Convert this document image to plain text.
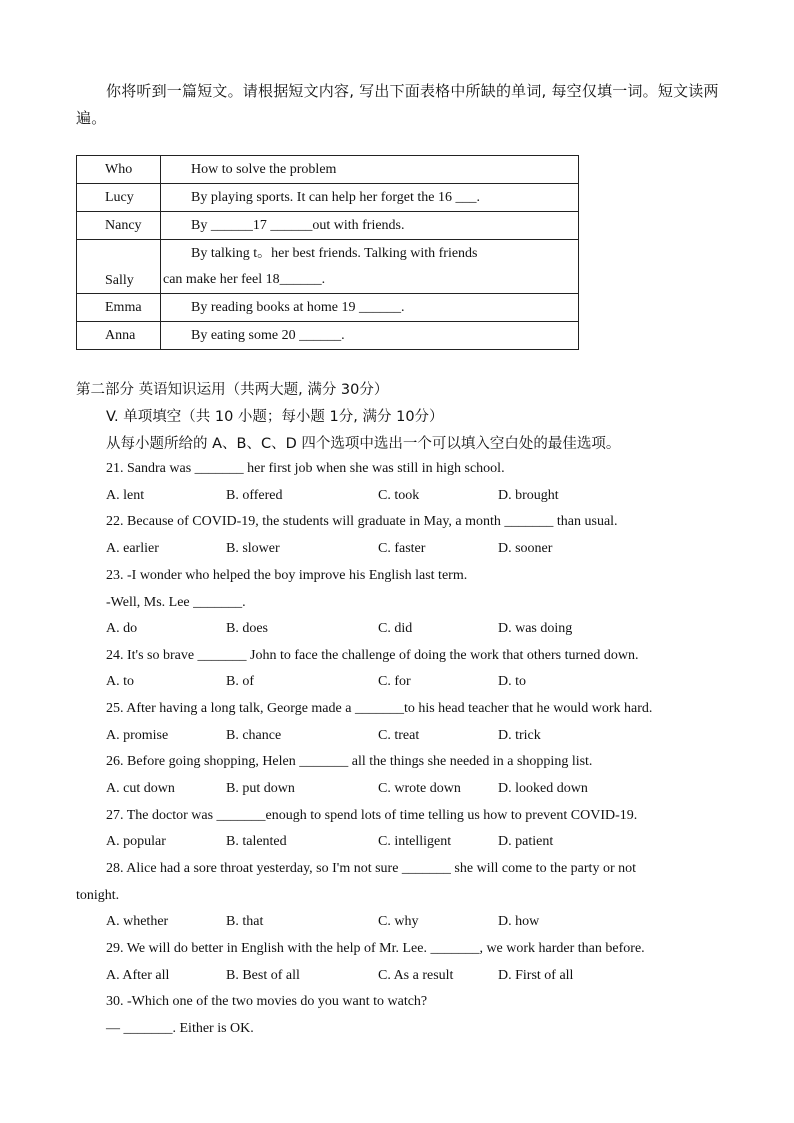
你将听到一篇短文。请根据短文内容, 写出下面表格中所缺的单词, 每空仅填一词。短文读两遍。
Who	How to solve the problem
Lucy	By playing sports. It can help her forget the 16 ___.
Nancy	By ______17 ______out with friends.

Sally	By talking t。her best friends. Talking with friends
can make her feel 18______.

Emma	By reading books at home 19 ______.
Anna	By eating some 20 ______.
第二部分 英语知识运用（共两大题, 满分 30分）
V. 单项填空（共 10 小题；每小题 1分, 满分 10分）
从每小题所给的 A、B、C、D 四个选项中选出一个可以填入空白处的最佳选项。
21. Sandra was _______ her first job when she was still in high school.
A. lent	B. offered	C. took	D. brought
22. Because of COVID-19, the students will graduate in May, a month _______ than usual.
A. earlier	B. slower	C. faster	D. sooner
23. -I wonder who helped the boy improve his English last term.
-Well, Ms. Lee _______.
A. do	B. does	C. did	D. was doing
24. It's so brave _______ John to face the challenge of doing the work that others turned down.
A. to	B. of	C. for	D. to
25. After having a long talk, George made a _______to his head teacher that he would work hard.
A. promise	B. chance	C. treat	D. trick
26. Before going shopping, Helen _______ all the things she needed in a shopping list.
A. cut down	B. put down	C. wrote down	D. looked down
27. The doctor was _______enough to spend lots of time telling us how to prevent COVID-19.
A. popular	B. talented	C. intelligent	D. patient
28. Alice had a sore throat yesterday, so I'm not sure _______ she will come to the party or not
tonight.
A. whether	B. that	C. why	D. how
29. We will do better in English with the help of Mr. Lee. _______, we work harder than before.
A. After all	B. Best of all	C. As a result	D. First of all
30. -Which one of the two movies do you want to watch?
— _______. Either is OK.
